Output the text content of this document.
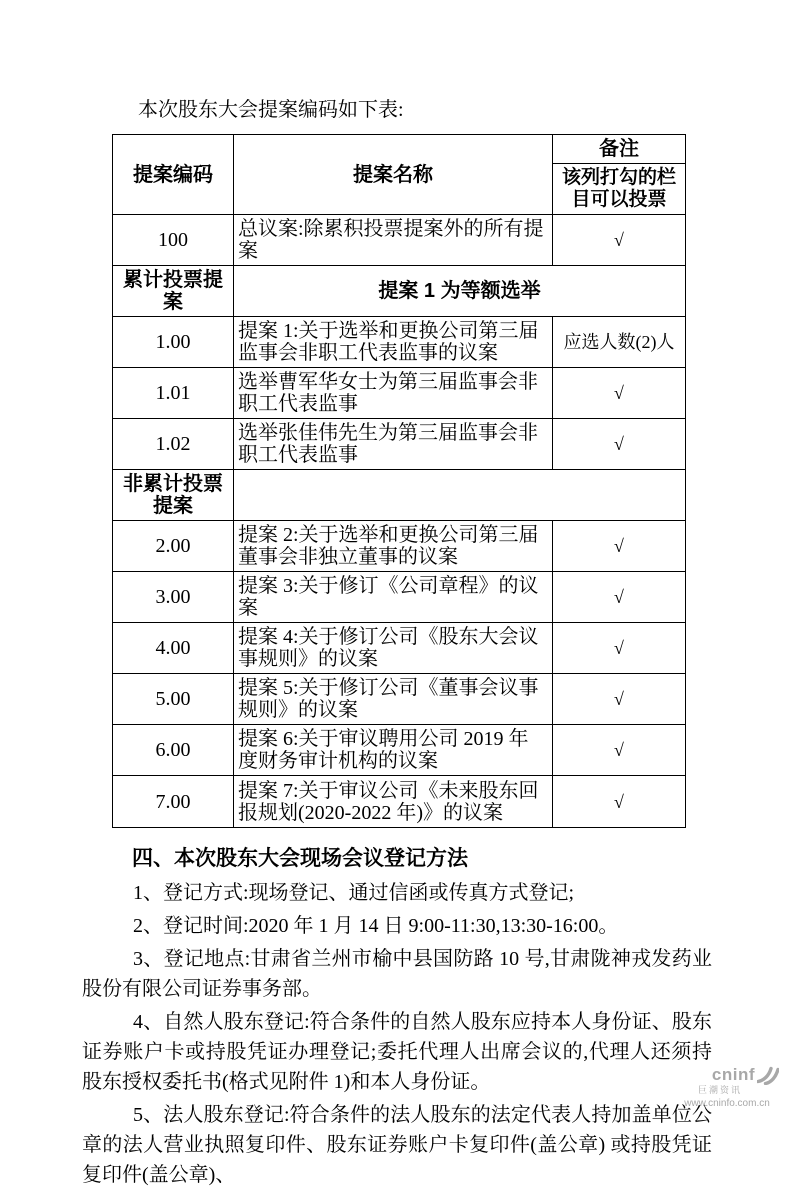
本次股东大会提案编码如下表:

提案编码	提案名称	备注
		该列打勾的栏目可以投票
100	总议案:除累积投票提案外的所有提案	√
累计投票提案	提案 1 为等额选举	
1.00	提案 1:关于选举和更换公司第三届监事会非职工代表监事的议案	应选人数(2)人
1.01	选举曹军华女士为第三届监事会非职工代表监事	√
1.02	选举张佳伟先生为第三届监事会非职工代表监事	√
非累计投票提案		
2.00	提案 2:关于选举和更换公司第三届董事会非独立董事的议案	√
3.00	提案 3:关于修订《公司章程》的议案	√
4.00	提案 4:关于修订公司《股东大会议事规则》的议案	√
5.00	提案 5:关于修订公司《董事会议事规则》的议案	√
6.00	提案 6:关于审议聘用公司 2019 年度财务审计机构的议案	√
7.00	提案 7:关于审议公司《未来股东回报规划(2020-2022 年)》的议案	√

四、本次股东大会现场会议登记方法

1、登记方式:现场登记、通过信函或传真方式登记;

2、登记时间:2020 年 1 月 14 日 9:00-11:30,13:30-16:00。

3、登记地点:甘肃省兰州市榆中县国防路 10 号,甘肃陇神戎发药业股份有限公司证券事务部。

4、自然人股东登记:符合条件的自然人股东应持本人身份证、股东证券账户卡或持股凭证办理登记;委托代理人出席会议的,代理人还须持股东授权委托书(格式见附件 1)和本人身份证。

5、法人股东登记:符合条件的法人股东的法定代表人持加盖单位公章的法人营业执照复印件、股东证券账户卡复印件(盖公章) 或持股凭证复印件(盖公章)、

cninf
巨潮资讯
www.cninfo.com.cn
